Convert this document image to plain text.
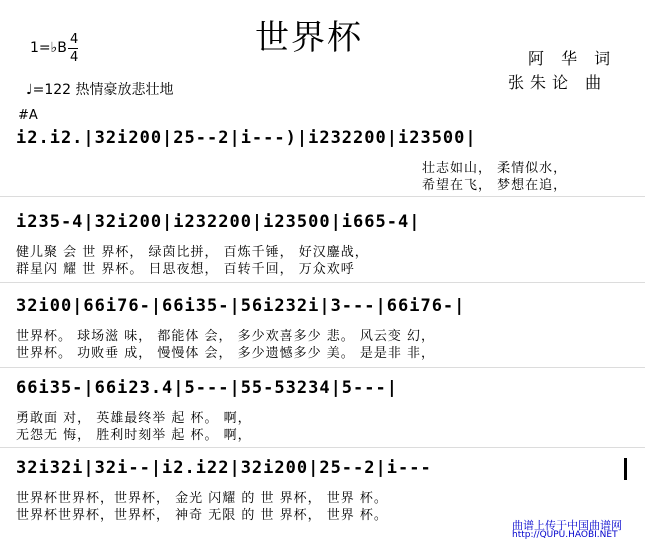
世界杯
1=♭B
4
4
♩=122 热情豪放悲壮地
阿 华 词
张朱论 曲
#A
i2.i2.|32i200|25--2|i---)|i232200|i23500|
壮志如山， 柔情似水，
希望在飞， 梦想在追，
i235-4|32i200|i232200|i23500|i665-4|
健儿聚 会 世 界杯， 绿茵比拼， 百炼千锤， 好汉鏖战，
群星闪 耀 世 界杯。 日思夜想， 百转千回， 万众欢呼
32i00|66i76-|66i35-|56i232i|3---|66i76-|
世界杯。 球场滋 味， 都能体 会， 多少欢喜多少 悲。 风云变 幻，
世界杯。 功败垂 成， 慢慢体 会， 多少遗憾多少 美。 是是非 非，
66i35-|66i23.4|5---|55-53234|5---|
勇敢面 对， 英雄最终举 起 杯。 啊，
无怨无 悔， 胜利时刻举 起 杯。 啊，
32i32i|32i--|i2.i22|32i200|25--2|i---
世界杯世界杯，世界杯， 金光 闪耀 的 世 界杯， 世界 杯。
世界杯世界杯，世界杯， 神奇 无限 的 世 界杯， 世界 杯。
曲谱上传于中国曲谱网
http://QUPU.HAOBI.NET
